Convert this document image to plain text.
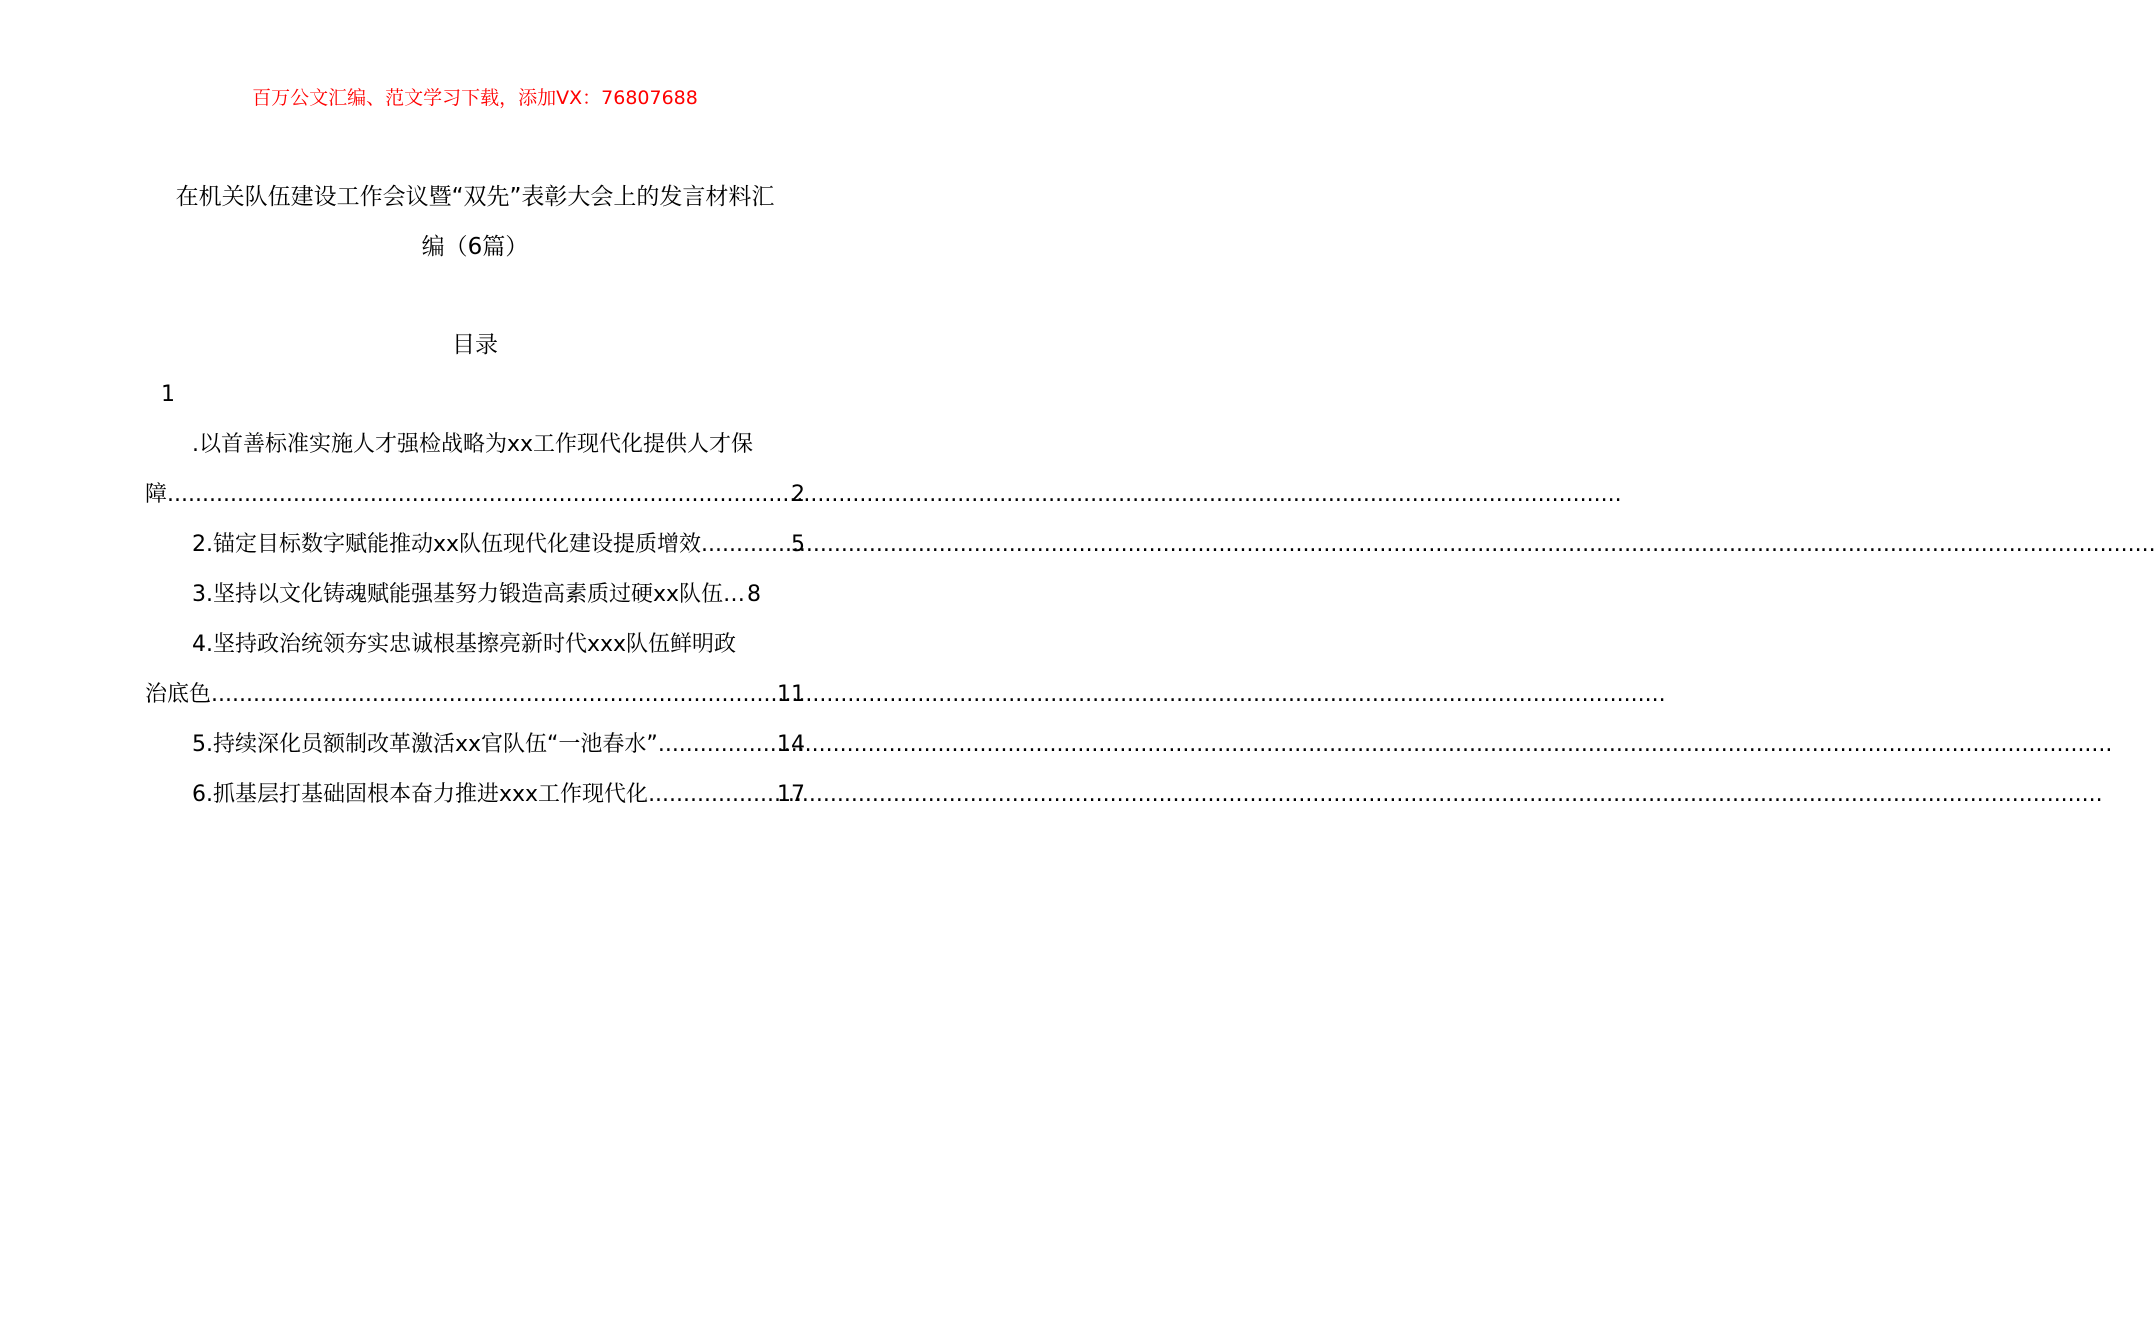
百万公文汇编、范文学习下载，添加VX：76807688
在机关队伍建设工作会议暨“双先”表彰大会上的发言材料汇
编（6篇）
目录
1
.以首善标准实施人才强检战略为xx工作现代化提供人才保
障 .....	2
2.锚定目标数字赋能推动xx队伍现代化建设提质增效 .....	5
3.坚持以文化铸魂赋能强基努力锻造高素质过硬xx队伍… 8
4.坚持政治统领夯实忠诚根基擦亮新时代xxx队伍鲜明政
治底色 .....	11
5.持续深化员额制改革激活xx官队伍“一池春水” .....	14
6.抓基层打基础固根本奋力推进xxx工作现代化 .....	17
